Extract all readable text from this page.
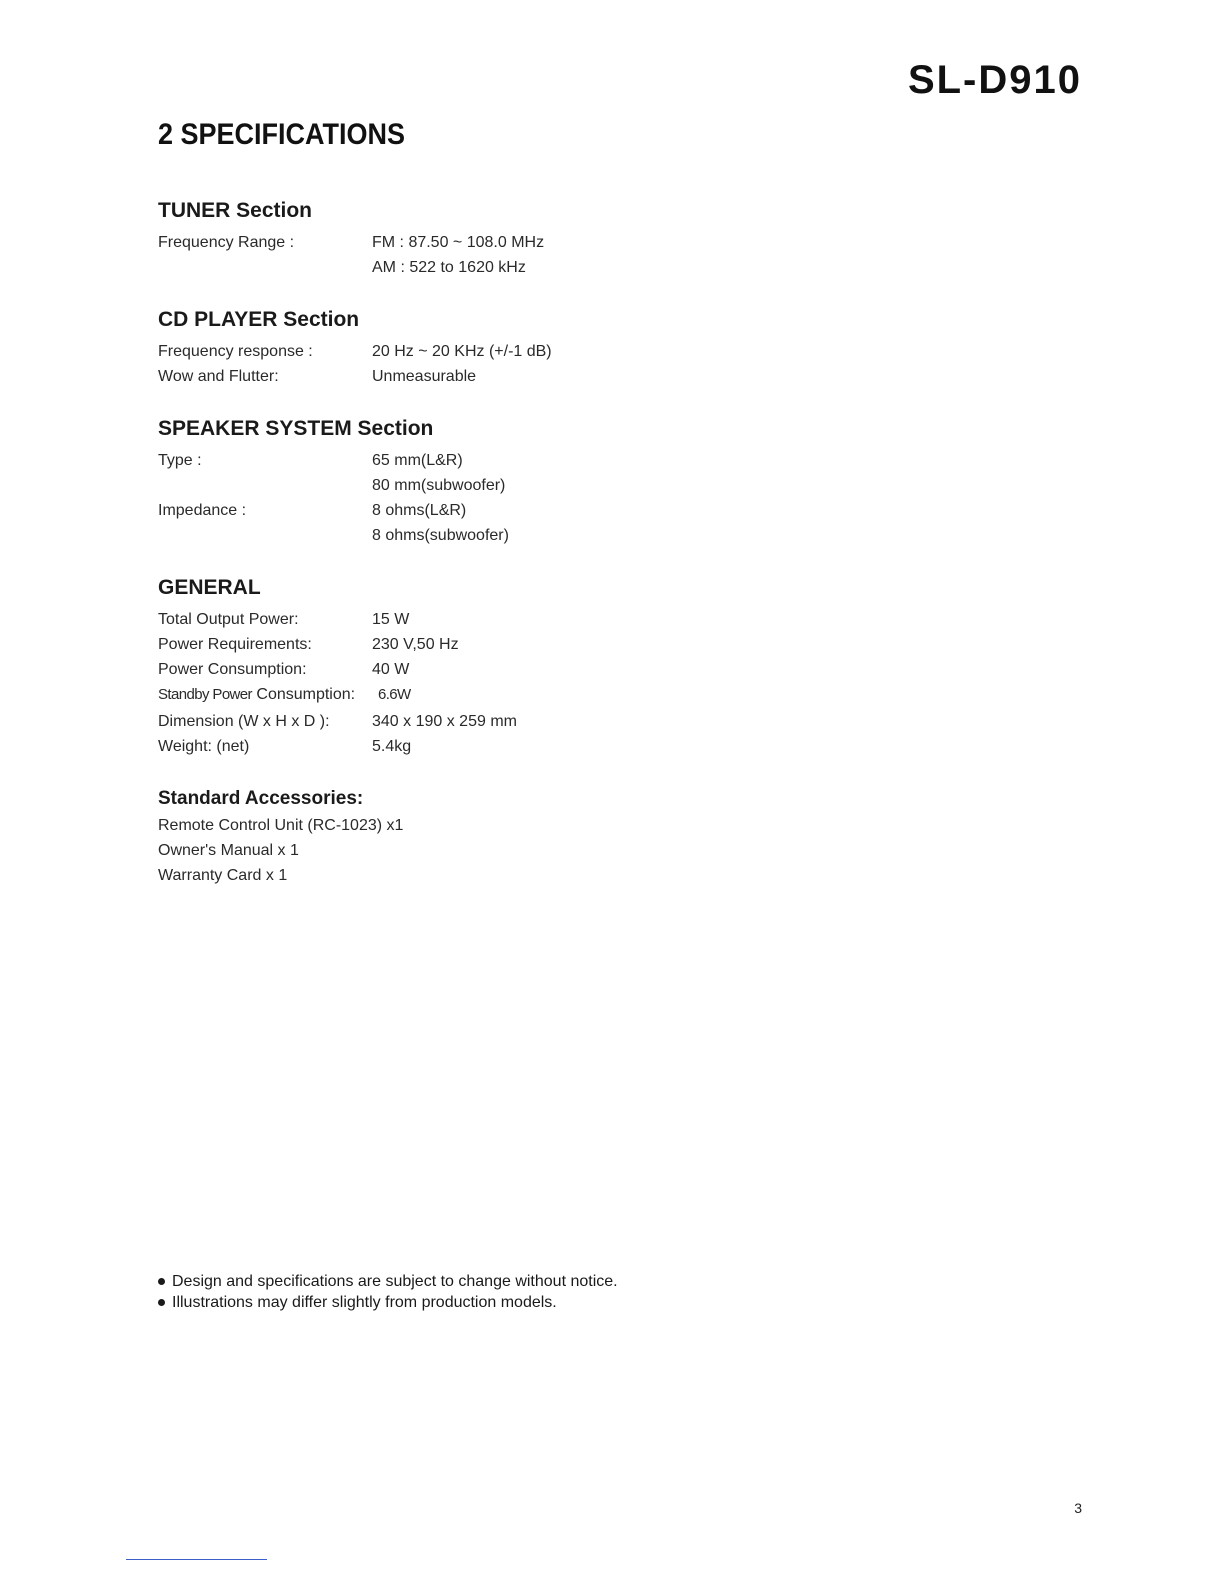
SL-D910
2 SPECIFICATIONS
TUNER Section
Frequency Range :	FM : 87.50 ~ 108.0 MHz
AM : 522 to 1620 kHz
CD PLAYER Section
Frequency response :	20 Hz ~ 20 KHz (+/-1 dB)
Wow and Flutter:	Unmeasurable
SPEAKER SYSTEM Section
Type :	65 mm(L&R)
80 mm(subwoofer)
Impedance :	8 ohms(L&R)
8 ohms(subwoofer)
GENERAL
Total Output Power:	15 W
Power Requirements:	230 V,50 Hz
Power Consumption:	40 W
Standby Power Consumption:	6.6W
Dimension (W x H x D ):	340 x 190 x 259 mm
Weight: (net)	5.4kg
Standard Accessories:
Remote Control Unit (RC-1023) x1
Owner's Manual x 1
Warranty Card x 1
Design and specifications are subject to change without notice.
Illustrations may differ slightly from production models.
3
